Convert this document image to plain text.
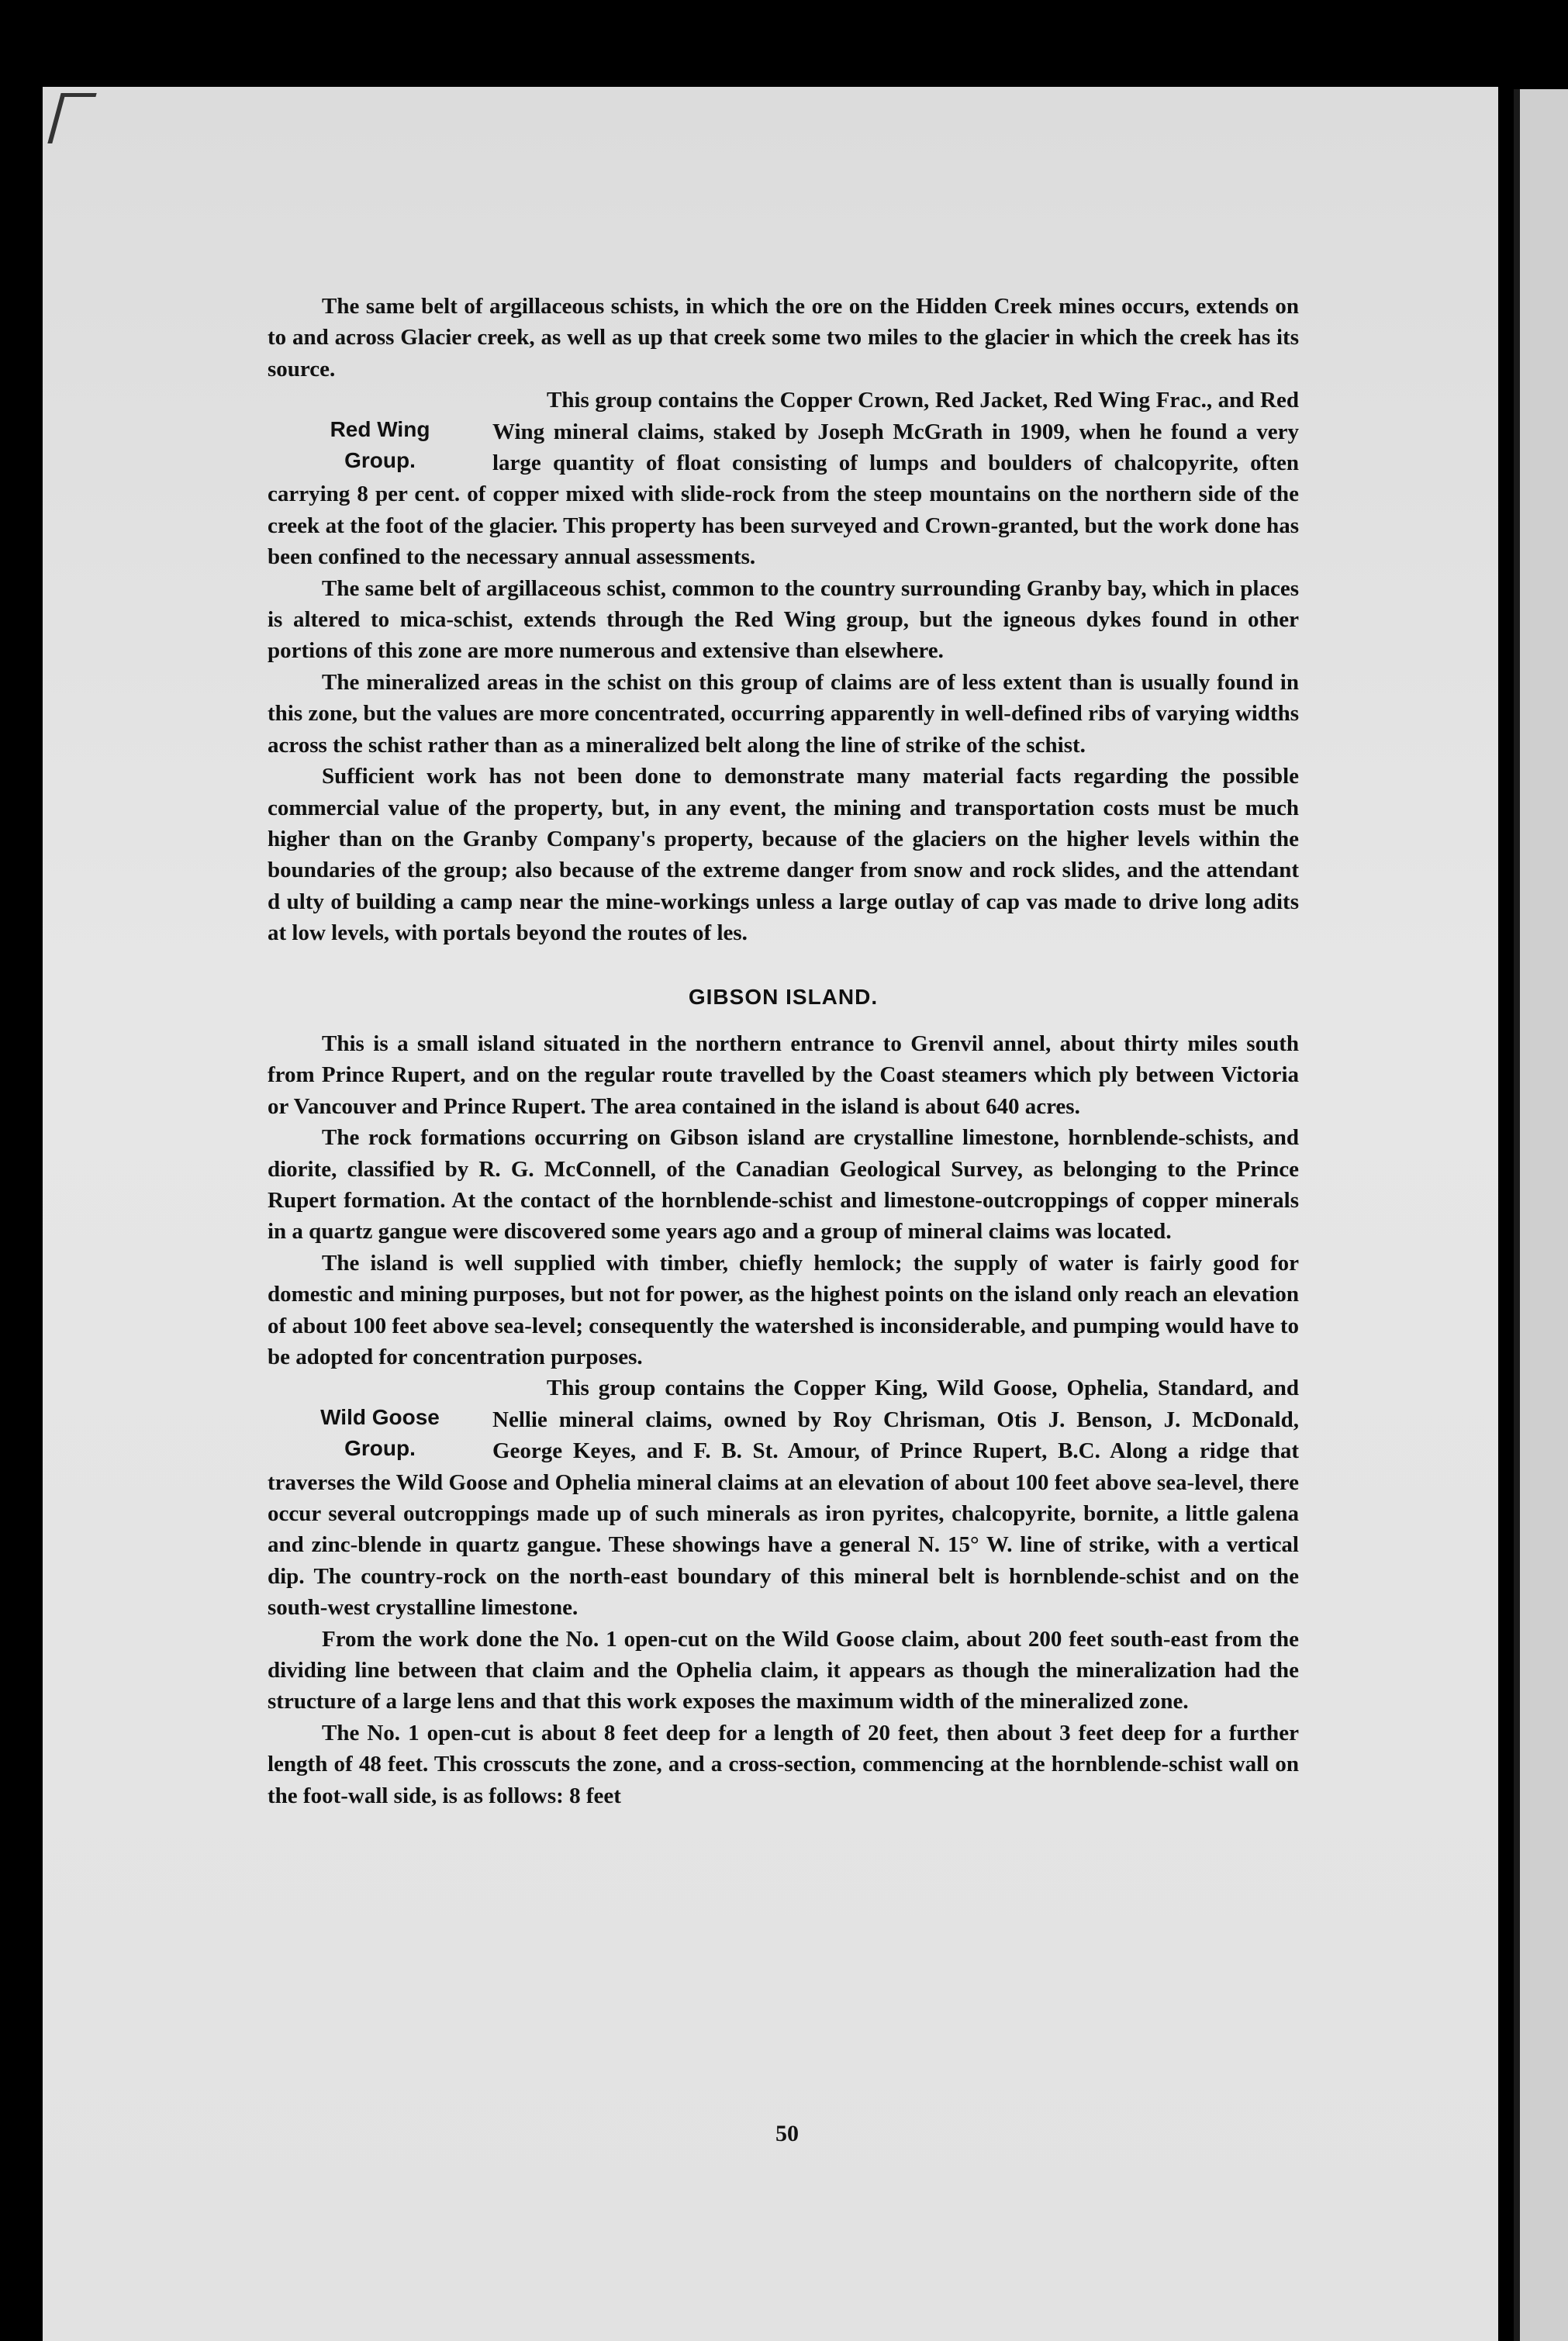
The same belt of argillaceous schists, in which the ore on the Hidden Creek mines occurs, extends on to and across Glacier creek, as well as up that creek some two miles to the glacier in which the creek has its source.

Red Wing
Group.

This group contains the Copper Crown, Red Jacket, Red Wing Frac., and Red Wing mineral claims, staked by Joseph McGrath in 1909, when he found a very large quantity of float consisting of lumps and boulders of chalcopyrite, often carrying 8 per cent. of copper mixed with slide-rock from the steep mountains on the northern side of the creek at the foot of the glacier. This property has been surveyed and Crown-granted, but the work done has been confined to the necessary annual assessments.

The same belt of argillaceous schist, common to the country surrounding Granby bay, which in places is altered to mica-schist, extends through the Red Wing group, but the igneous dykes found in other portions of this zone are more numerous and extensive than elsewhere.

The mineralized areas in the schist on this group of claims are of less extent than is usually found in this zone, but the values are more concentrated, occurring apparently in well-defined ribs of varying widths across the schist rather than as a mineralized belt along the line of strike of the schist.

Sufficient work has not been done to demonstrate many material facts regarding the possible commercial value of the property, but, in any event, the mining and transportation costs must be much higher than on the Granby Company's property, because of the glaciers on the higher levels within the boundaries of the group; also because of the extreme danger from snow and rock slides, and the attendant d ulty of building a camp near the mine-workings unless a large outlay of cap vas made to drive long adits at low levels, with portals beyond the routes of les.

GIBSON ISLAND.

This is a small island situated in the northern entrance to Grenvil annel, about thirty miles south from Prince Rupert, and on the regular route travelled by the Coast steamers which ply between Victoria or Vancouver and Prince Rupert. The area contained in the island is about 640 acres.

The rock formations occurring on Gibson island are crystalline limestone, hornblende-schists, and diorite, classified by R. G. McConnell, of the Canadian Geological Survey, as belonging to the Prince Rupert formation. At the contact of the hornblende-schist and limestone-outcroppings of copper minerals in a quartz gangue were discovered some years ago and a group of mineral claims was located.

The island is well supplied with timber, chiefly hemlock; the supply of water is fairly good for domestic and mining purposes, but not for power, as the highest points on the island only reach an elevation of about 100 feet above sea-level; consequently the watershed is inconsiderable, and pumping would have to be adopted for concentration purposes.

Wild Goose
Group.

This group contains the Copper King, Wild Goose, Ophelia, Standard, and Nellie mineral claims, owned by Roy Chrisman, Otis J. Benson, J. McDonald, George Keyes, and F. B. St. Amour, of Prince Rupert, B.C. Along a ridge that traverses the Wild Goose and Ophelia mineral claims at an elevation of about 100 feet above sea-level, there occur several outcroppings made up of such minerals as iron pyrites, chalcopyrite, bornite, a little galena and zinc-blende in quartz gangue. These showings have a general N. 15° W. line of strike, with a vertical dip. The country-rock on the north-east boundary of this mineral belt is hornblende-schist and on the south-west crystalline limestone.

From the work done the No. 1 open-cut on the Wild Goose claim, about 200 feet south-east from the dividing line between that claim and the Ophelia claim, it appears as though the mineralization had the structure of a large lens and that this work exposes the maximum width of the mineralized zone.

The No. 1 open-cut is about 8 feet deep for a length of 20 feet, then about 3 feet deep for a further length of 48 feet. This crosscuts the zone, and a cross-section, commencing at the hornblende-schist wall on the foot-wall side, is as follows: 8 feet

50
